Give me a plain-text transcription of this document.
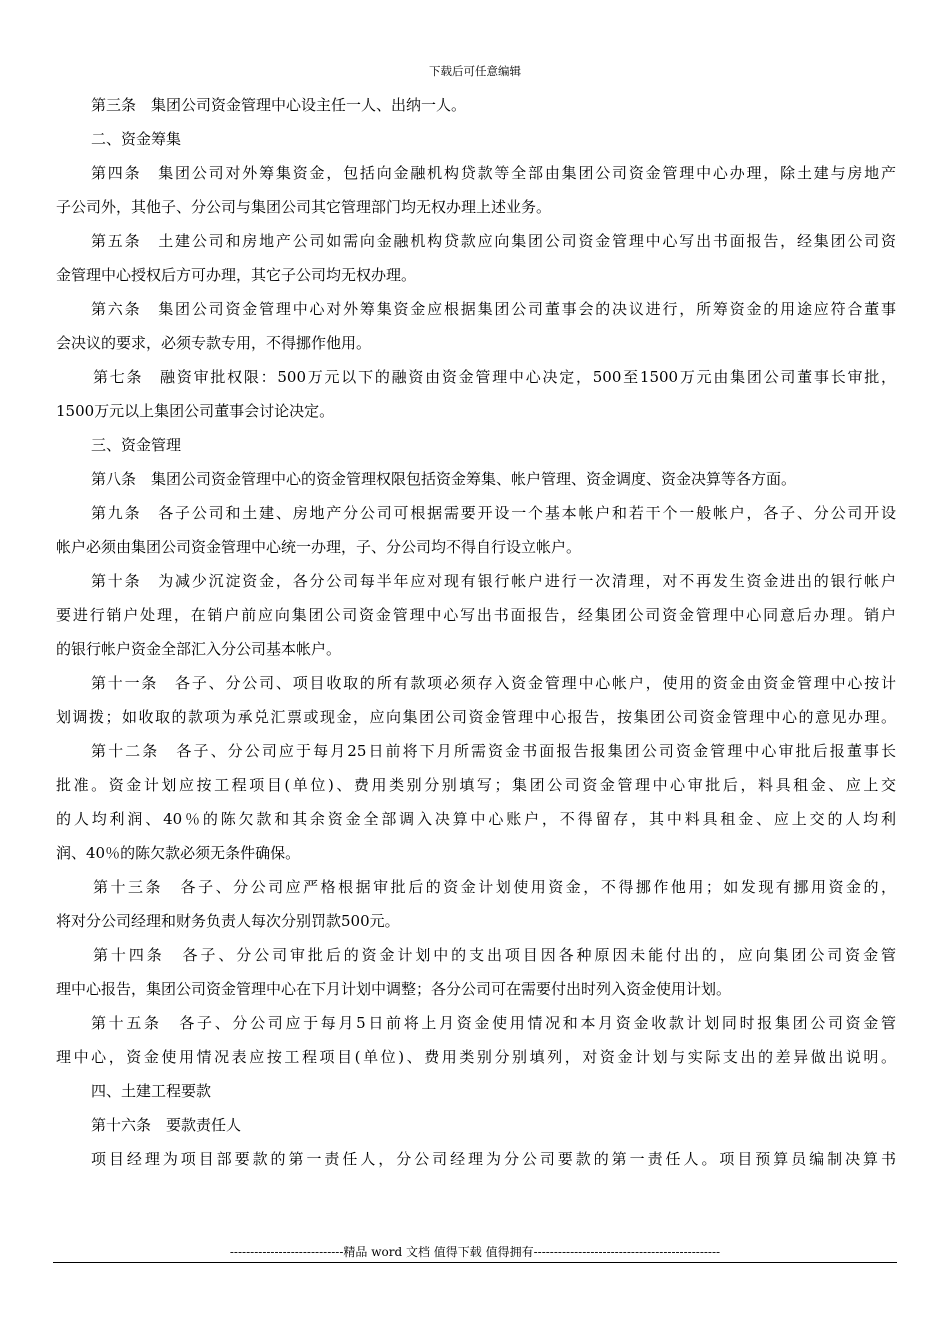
下载后可任意编辑
第三条　集团公司资金管理中心设主任一人、出纳一人。
二、资金筹集
第四条　集团公司对外筹集资金，包括向金融机构贷款等全部由集团公司资金管理中心办理，除土建与房地产
子公司外，其他子、分公司与集团公司其它管理部门均无权办理上述业务。
第五条　土建公司和房地产公司如需向金融机构贷款应向集团公司资金管理中心写出书面报告，经集团公司资
金管理中心授权后方可办理，其它子公司均无权办理。
第六条　集团公司资金管理中心对外筹集资金应根据集团公司董事会的决议进行，所筹资金的用途应符合董事
会决议的要求，必须专款专用，不得挪作他用。
第七条　融资审批权限：500万元以下的融资由资金管理中心决定，500至1500万元由集团公司董事长审批，
1500万元以上集团公司董事会讨论决定。
三、资金管理
第八条　集团公司资金管理中心的资金管理权限包括资金筹集、帐户管理、资金调度、资金决算等各方面。
第九条　各子公司和土建、房地产分公司可根据需要开设一个基本帐户和若干个一般帐户，各子、分公司开设
帐户必须由集团公司资金管理中心统一办理，子、分公司均不得自行设立帐户。
第十条　为减少沉淀资金，各分公司每半年应对现有银行帐户进行一次清理，对不再发生资金进出的银行帐户
要进行销户处理，在销户前应向集团公司资金管理中心写出书面报告，经集团公司资金管理中心同意后办理。销户
的银行帐户资金全部汇入分公司基本帐户。
第十一条　各子、分公司、项目收取的所有款项必须存入资金管理中心帐户，使用的资金由资金管理中心按计
划调拨；如收取的款项为承兑汇票或现金，应向集团公司资金管理中心报告，按集团公司资金管理中心的意见办理。
第十二条　各子、分公司应于每月25日前将下月所需资金书面报告报集团公司资金管理中心审批后报董事长
批准。资金计划应按工程项目(单位)、费用类别分别填写；集团公司资金管理中心审批后，料具租金、应上交
的人均利润、40％的陈欠款和其余资金全部调入决算中心账户，不得留存，其中料具租金、应上交的人均利
润、40％的陈欠款必须无条件确保。
第十三条　各子、分公司应严格根据审批后的资金计划使用资金，不得挪作他用；如发现有挪用资金的，
将对分公司经理和财务负责人每次分别罚款500元。
第十四条　各子、分公司审批后的资金计划中的支出项目因各种原因未能付出的，应向集团公司资金管
理中心报告，集团公司资金管理中心在下月计划中调整；各分公司可在需要付出时列入资金使用计划。
第十五条　各子、分公司应于每月5日前将上月资金使用情况和本月资金收款计划同时报集团公司资金管
理中心，资金使用情况表应按工程项目(单位)、费用类别分别填列，对资金计划与实际支出的差异做出说明。
四、土建工程要款
第十六条　要款责任人
项目经理为项目部要款的第一责任人，分公司经理为分公司要款的第一责任人。项目预算员编制决算书
----------------------------精品 word 文档 值得下载 值得拥有----------------------------------------------
